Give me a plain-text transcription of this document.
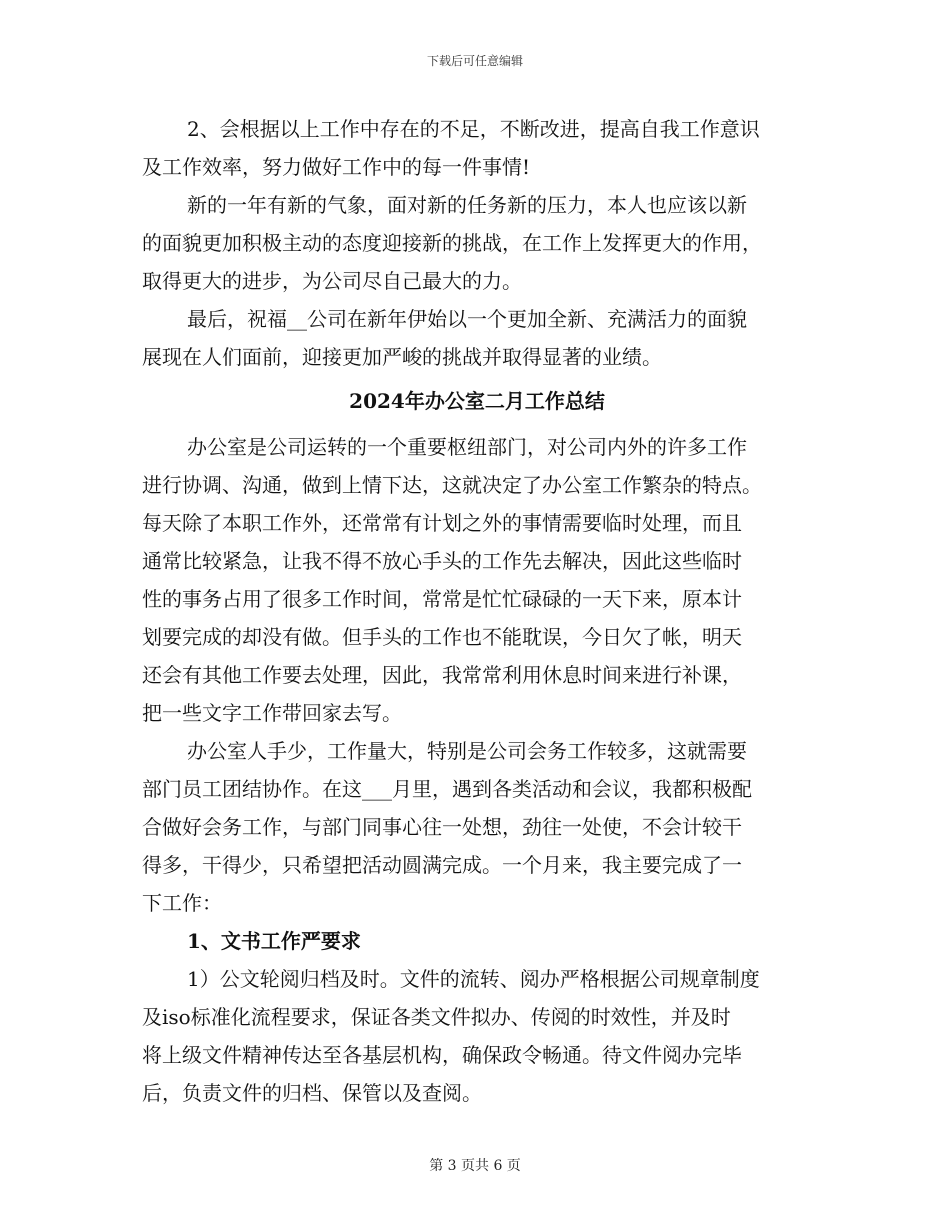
下载后可任意编辑
2、会根据以上工作中存在的不足，不断改进，提高自我工作意识
及工作效率，努力做好工作中的每一件事情!
新的一年有新的气象，面对新的任务新的压力，本人也应该以新
的面貌更加积极主动的态度迎接新的挑战，在工作上发挥更大的作用，
取得更大的进步，为公司尽自己最大的力。
最后，祝福__公司在新年伊始以一个更加全新、充满活力的面貌
展现在人们面前，迎接更加严峻的挑战并取得显著的业绩。
2024年办公室二月工作总结
办公室是公司运转的一个重要枢纽部门，对公司内外的许多工作
进行协调、沟通，做到上情下达，这就决定了办公室工作繁杂的特点。
每天除了本职工作外，还常常有计划之外的事情需要临时处理，而且
通常比较紧急，让我不得不放心手头的工作先去解决，因此这些临时
性的事务占用了很多工作时间，常常是忙忙碌碌的一天下来，原本计
划要完成的却没有做。但手头的工作也不能耽误，今日欠了帐，明天
还会有其他工作要去处理，因此，我常常利用休息时间来进行补课，
把一些文字工作带回家去写。
办公室人手少，工作量大，特别是公司会务工作较多，这就需要
部门员工团结协作。在这___月里，遇到各类活动和会议，我都积极配
合做好会务工作，与部门同事心往一处想，劲往一处使，不会计较干
得多，干得少，只希望把活动圆满完成。一个月来，我主要完成了一
下工作：
1、文书工作严要求
1）公文轮阅归档及时。文件的流转、阅办严格根据公司规章制度
及iso标准化流程要求，保证各类文件拟办、传阅的时效性，并及时
将上级文件精神传达至各基层机构，确保政令畅通。待文件阅办完毕
后，负责文件的归档、保管以及查阅。
第 3 页共 6 页
